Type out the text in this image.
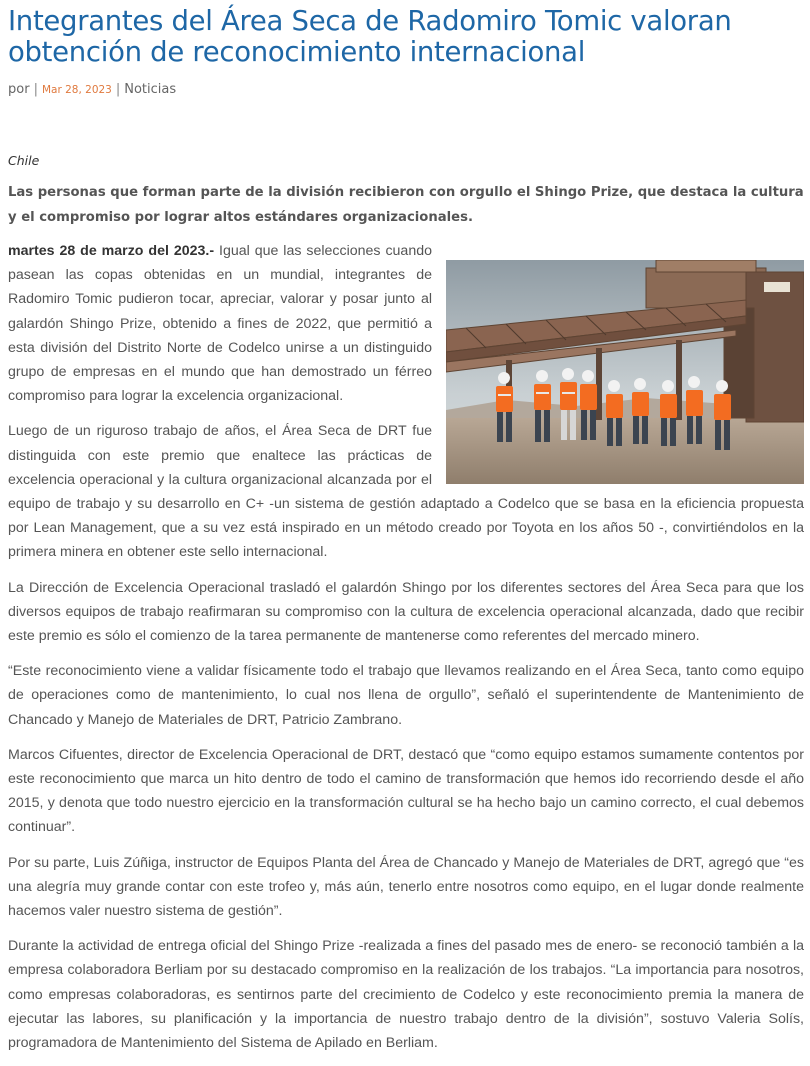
Integrantes del Área Seca de Radomiro Tomic valoran obtención de reconocimiento internacional
por | Mar 28, 2023 | Noticias
Chile
Las personas que forman parte de la división recibieron con orgullo el Shingo Prize, que destaca la cultura y el compromiso por lograr altos estándares organizacionales.

martes 28 de marzo del 2023.- Igual que las selecciones cuando pasean las copas obtenidas en un mundial, integrantes de Radomiro Tomic pudieron tocar, apreciar, valorar y posar junto al galardón Shingo Prize, obtenido a fines de 2022, que permitió a esta división del Distrito Norte de Codelco unirse a un distinguido grupo de empresas en el mundo que han demostrado un férreo compromiso para lograr la excelencia organizacional.

Luego de un riguroso trabajo de años, el Área Seca de DRT fue distinguida con este premio que enaltece las prácticas de excelencia operacional y la cultura organizacional alcanzada por el equipo de trabajo y su desarrollo en C+ -un sistema de gestión adaptado a Codelco que se basa en la eficiencia propuesta por Lean Management, que a su vez está inspirado en un método creado por Toyota en los años 50 -, convirtiéndolos en la primera minera en obtener este sello internacional.

La Dirección de Excelencia Operacional trasladó el galardón Shingo por los diferentes sectores del Área Seca para que los diversos equipos de trabajo reafirmaran su compromiso con la cultura de excelencia operacional alcanzada, dado que recibir este premio es sólo el comienzo de la tarea permanente de mantenerse como referentes del mercado minero.

“Este reconocimiento viene a validar físicamente todo el trabajo que llevamos realizando en el Área Seca, tanto como equipo de operaciones como de mantenimiento, lo cual nos llena de orgullo”, señaló el superintendente de Mantenimiento de Chancado y Manejo de Materiales de DRT, Patricio Zambrano.

Marcos Cifuentes, director de Excelencia Operacional de DRT, destacó que “como equipo estamos sumamente contentos por este reconocimiento que marca un hito dentro de todo el camino de transformación que hemos ido recorriendo desde el año 2015, y denota que todo nuestro ejercicio en la transformación cultural se ha hecho bajo un camino correcto, el cual debemos continuar”.

Por su parte, Luis Zúñiga, instructor de Equipos Planta del Área de Chancado y Manejo de Materiales de DRT, agregó que “es una alegría muy grande contar con este trofeo y, más aún, tenerlo entre nosotros como equipo, en el lugar donde realmente hacemos valer nuestro sistema de gestión”.

Durante la actividad de entrega oficial del Shingo Prize -realizada a fines del pasado mes de enero- se reconoció también a la empresa colaboradora Berliam por su destacado compromiso en la realización de los trabajos. “La importancia para nosotros, como empresas colaboradoras, es sentirnos parte del crecimiento de Codelco y este reconocimiento premia la manera de ejecutar las labores, su planificación y la importancia de nuestro trabajo dentro de la división”, sostuvo Valeria Solís, programadora de Mantenimiento del Sistema de Apilado en Berliam.
